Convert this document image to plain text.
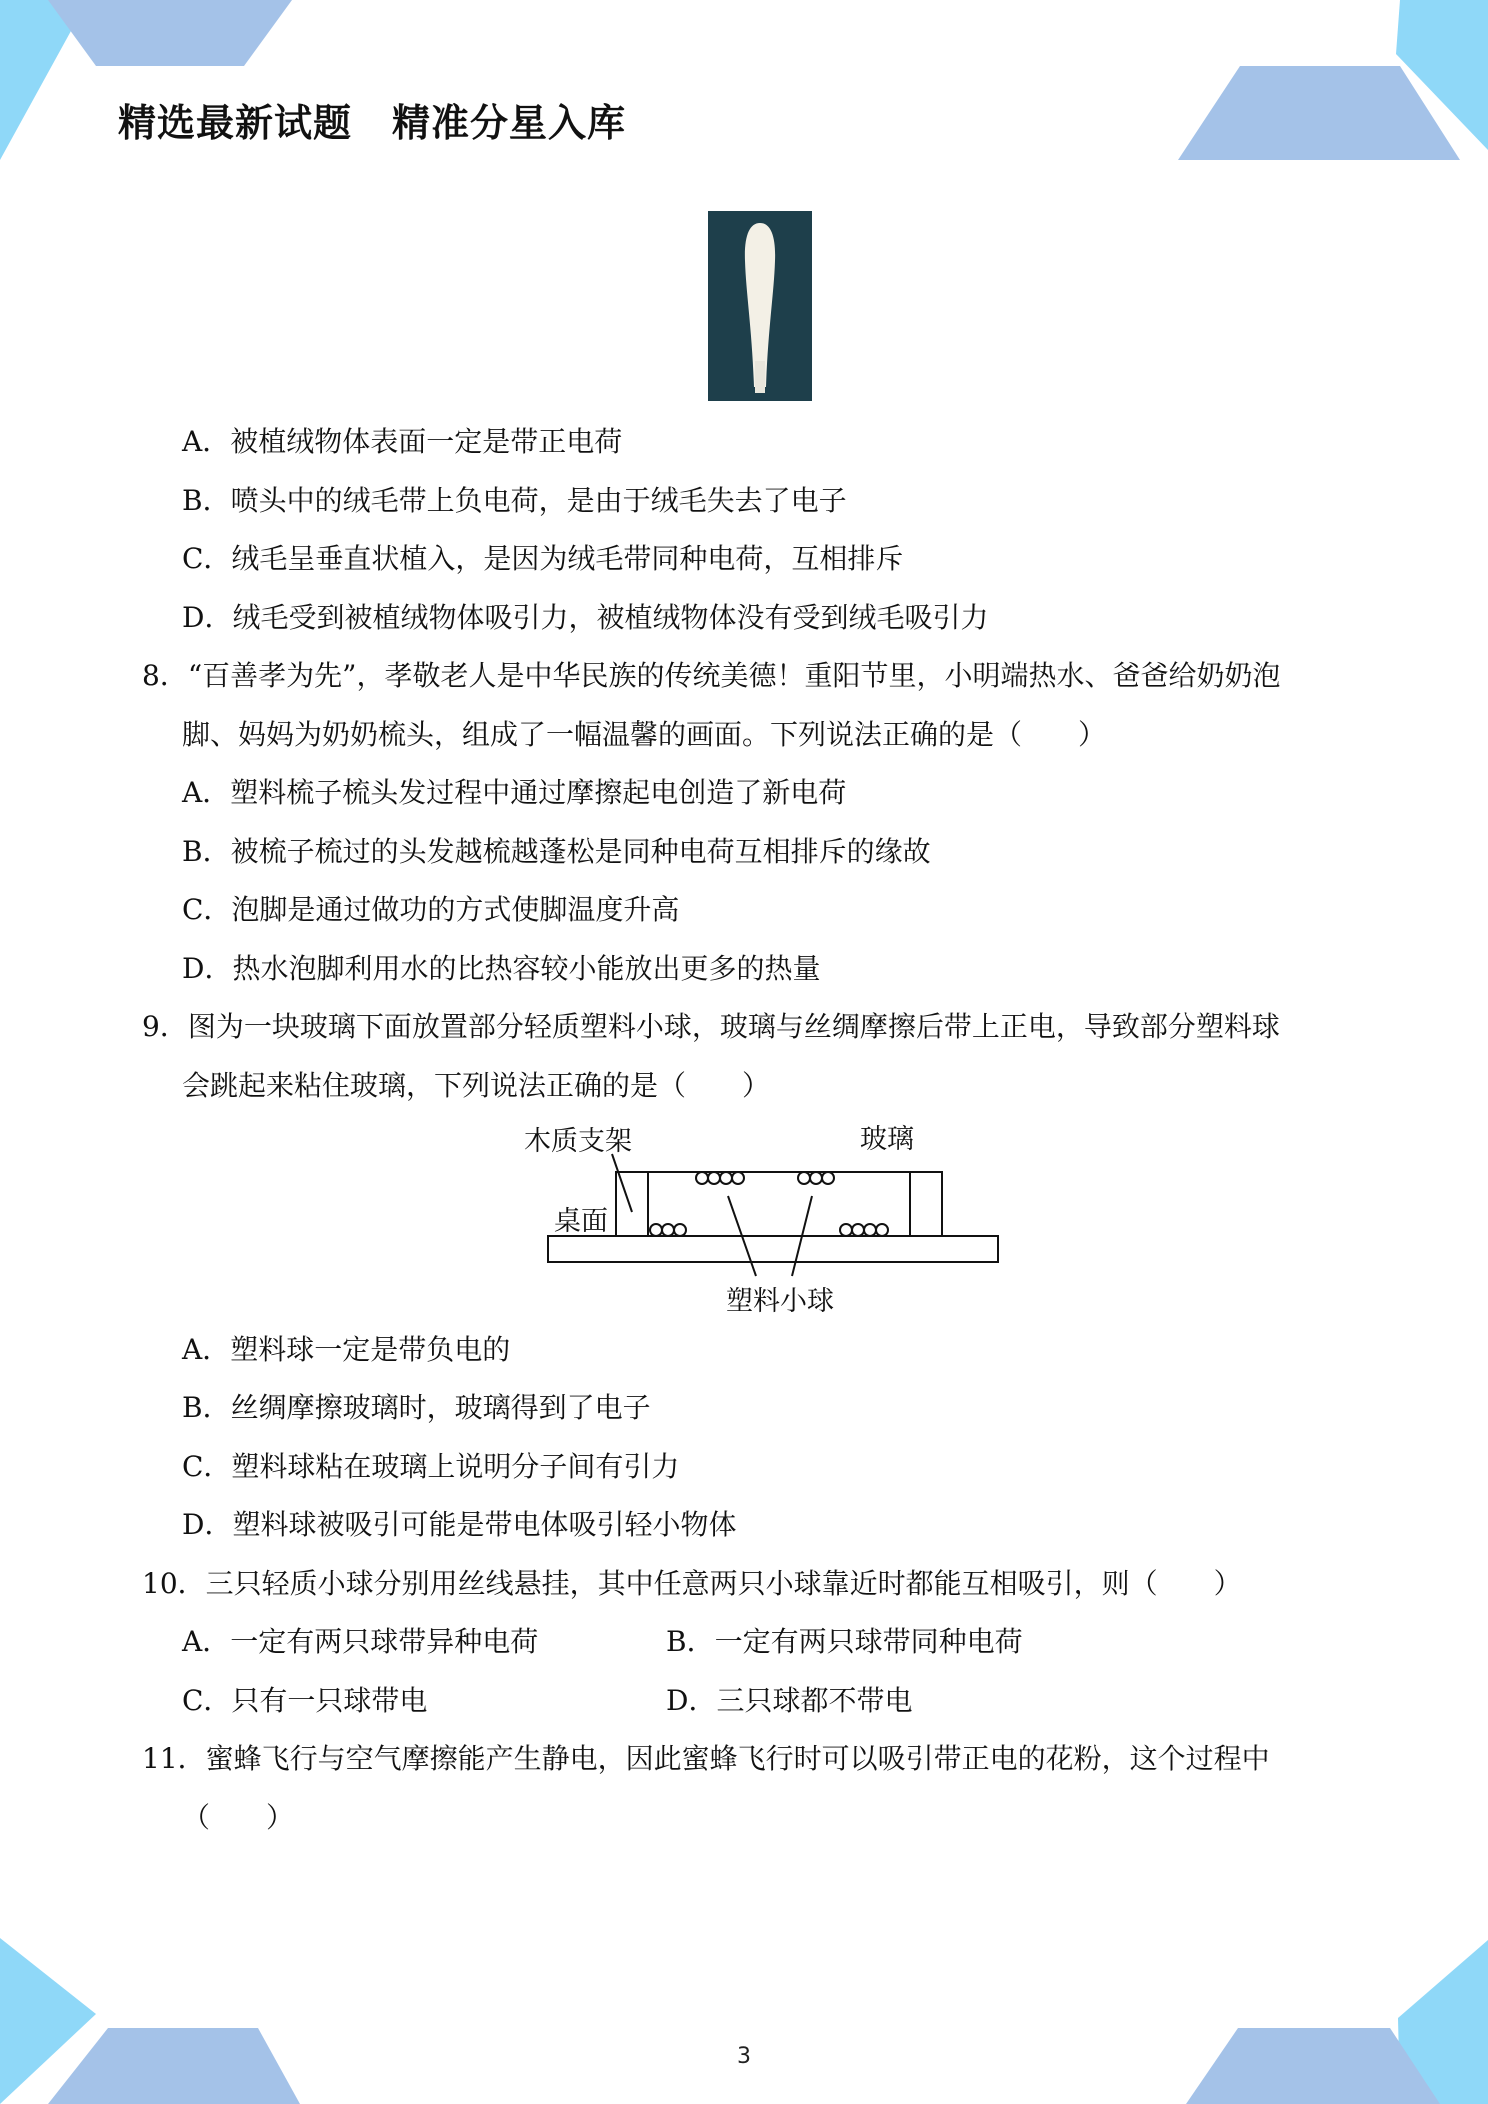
精选最新试题 精准分星入库
A．被植绒物体表面一定是带正电荷
B．喷头中的绒毛带上负电荷，是由于绒毛失去了电子
C．绒毛呈垂直状植入，是因为绒毛带同种电荷，互相排斥
D．绒毛受到被植绒物体吸引力，被植绒物体没有受到绒毛吸引力
8．“百善孝为先”，孝敬老人是中华民族的传统美德！重阳节里，小明端热水、爸爸给奶奶泡
脚、妈妈为奶奶梳头，组成了一幅温馨的画面。下列说法正确的是（　　）
A．塑料梳子梳头发过程中通过摩擦起电创造了新电荷
B．被梳子梳过的头发越梳越蓬松是同种电荷互相排斥的缘故
C．泡脚是通过做功的方式使脚温度升高
D．热水泡脚利用水的比热容较小能放出更多的热量
9．图为一块玻璃下面放置部分轻质塑料小球，玻璃与丝绸摩擦后带上正电，导致部分塑料球
会跳起来粘住玻璃，下列说法正确的是（　　）
木质支架	玻璃
桌面
塑料小球
A．塑料球一定是带负电的
B．丝绸摩擦玻璃时，玻璃得到了电子
C．塑料球粘在玻璃上说明分子间有引力
D．塑料球被吸引可能是带电体吸引轻小物体
10．三只轻质小球分别用丝线悬挂，其中任意两只小球靠近时都能互相吸引，则（　　）
A．一定有两只球带异种电荷	B．一定有两只球带同种电荷
C．只有一只球带电	D．三只球都不带电
11．蜜蜂飞行与空气摩擦能产生静电，因此蜜蜂飞行时可以吸引带正电的花粉，这个过程中
（　　）
3
